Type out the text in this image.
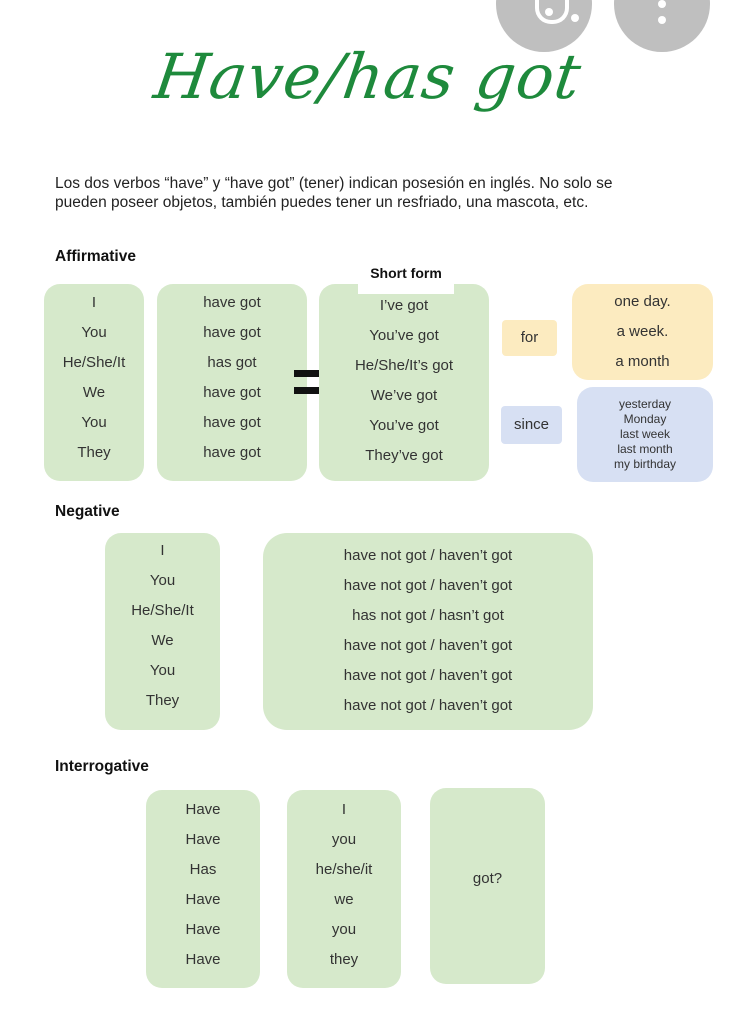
Have/has got
Los dos verbos “have” y “have got” (tener) indican posesión en inglés. No solo se pueden poseer objetos, también puedes tener un resfriado, una mascota, etc.
Affirmative
I
You
He/She/It
We
You
They
have got
have got
has got
have got
have got
have got
I’ve got
You’ve got
He/She/It’s got
We’ve got
You’ve got
They’ve got
Short form
for
one day.
a week.
a month
since
yesterday
Monday
last week
last month
my birthday
Negative
I
You
He/She/It
We
You
They
have not got / haven’t got
have not got / haven’t got
has not got / hasn’t got
have not got / haven’t got
have not got / haven’t got
have not got / haven’t got
Interrogative
Have
Have
Has
Have
Have
Have
I
you
he/she/it
we
you
they
got?
